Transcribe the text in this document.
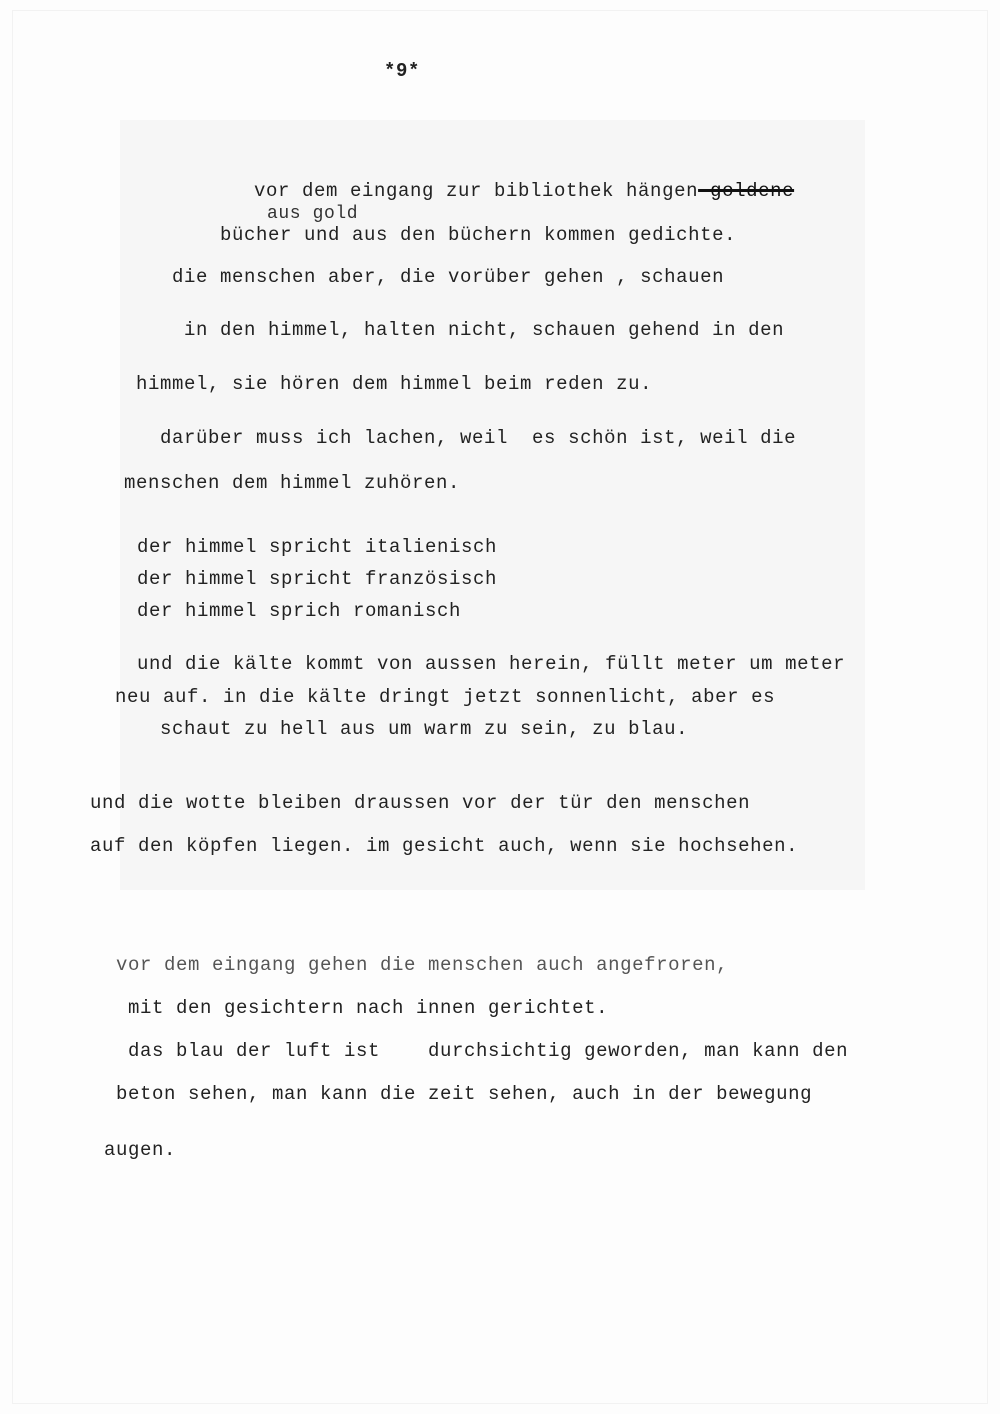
*9*

vor dem eingang zur bibliothek hängen-goldene

aus gold

bücher und aus den büchern kommen gedichte.

die menschen aber, die vorüber gehen , schauen

in den himmel, halten nicht, schauen gehend in den

himmel, sie hören dem himmel beim reden zu.

darüber muss ich lachen, weil  es schön ist, weil die

menschen dem himmel zuhören.

der himmel spricht italienisch

der himmel spricht französisch

der himmel sprich romanisch

und die kälte kommt von aussen herein, füllt meter um meter

neu auf. in die kälte dringt jetzt sonnenlicht, aber es

schaut zu hell aus um warm zu sein, zu blau.

und die wotte bleiben draussen vor der tür den menschen

auf den köpfen liegen. im gesicht auch, wenn sie hochsehen.

vor dem eingang gehen die menschen auch angefroren,

mit den gesichtern nach innen gerichtet.

das blau der luft ist    durchsichtig geworden, man kann den

beton sehen, man kann die zeit sehen, auch in der bewegung

augen.
